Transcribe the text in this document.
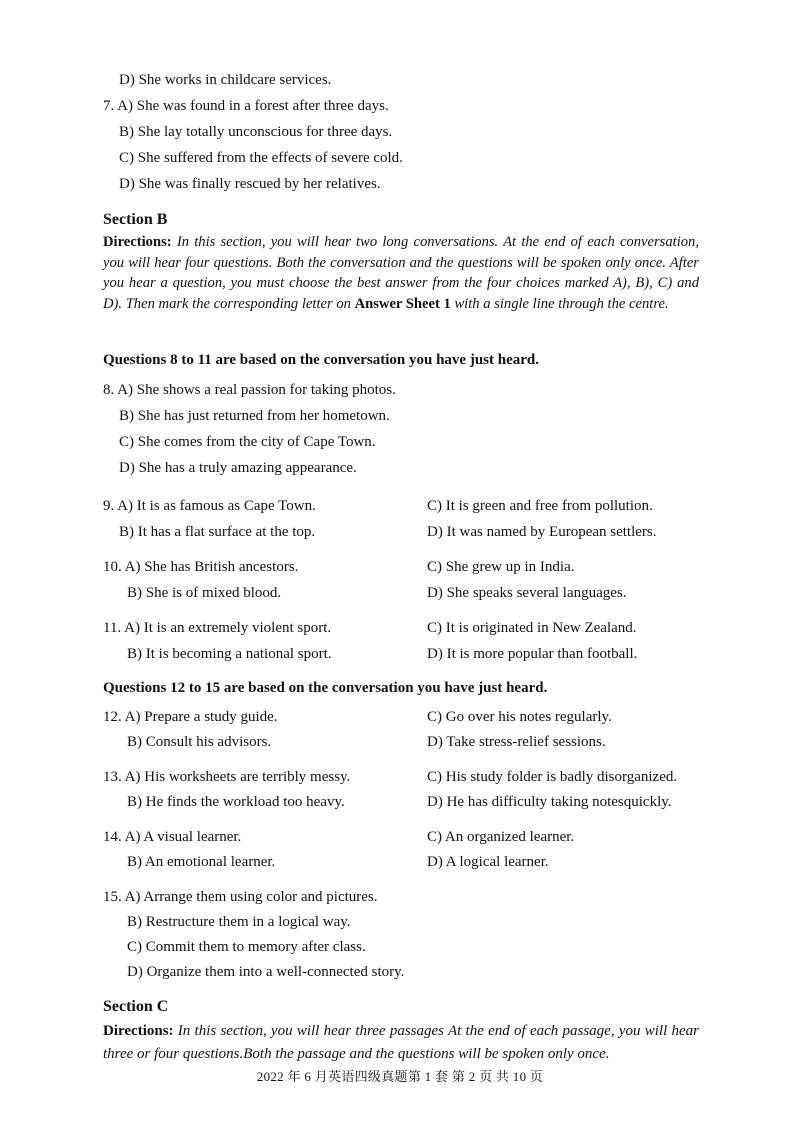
D) She works in childcare services.
7. A) She was found in a forest after three days.
B) She lay totally unconscious for three days.
C) She suffered from the effects of severe cold.
D) She was finally rescued by her relatives.
Section B
Directions: In this section, you will hear two long conversations. At the end of each conversation, you will hear four questions. Both the conversation and the questions will be spoken only once. After you hear a question, you must choose the best answer from the four choices marked A), B), C) and D). Then mark the corresponding letter on Answer Sheet 1 with a single line through the centre.
Questions 8 to 11 are based on the conversation you have just heard.
8. A) She shows a real passion for taking photos.
B) She has just returned from her hometown.
C) She comes from the city of Cape Town.
D) She has a truly amazing appearance.
9. A) It is as famous as Cape Town.
B) It has a flat surface at the top.
C) It is green and free from pollution.
D) It was named by European settlers.
10. A) She has British ancestors.
B) She is of mixed blood.
C) She grew up in India.
D) She speaks several languages.
11. A) It is an extremely violent sport.
B) It is becoming a national sport.
C) It is originated in New Zealand.
D) It is more popular than football.
Questions 12 to 15 are based on the conversation you have just heard.
12. A) Prepare a study guide.
B) Consult his advisors.
C) Go over his notes regularly.
D) Take stress-relief sessions.
13. A) His worksheets are terribly messy.
B) He finds the workload too heavy.
C) His study folder is badly disorganized.
D) He has difficulty taking notesquickly.
14. A) A visual learner.
B) An emotional learner.
C) An organized learner.
D) A logical learner.
15. A) Arrange them using color and pictures.
B) Restructure them in a logical way.
C) Commit them to memory after class.
D) Organize them into a well-connected story.
Section C
Directions: In this section, you will hear three passages At the end of each passage, you will hear three or four questions.Both the passage and the questions will be spoken only once.
2022 年 6 月英语四级真题第 1 套 第 2 页 共 10 页
